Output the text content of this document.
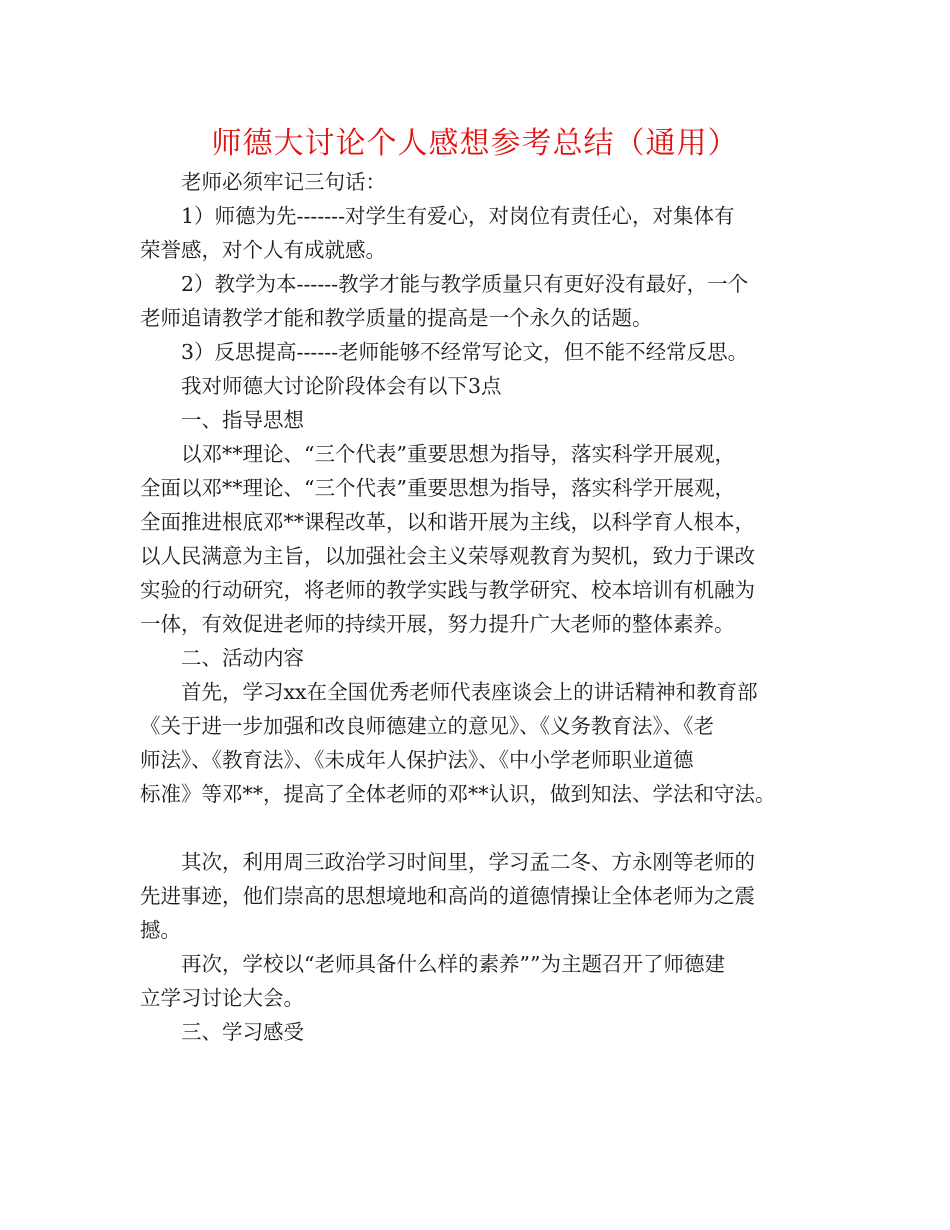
师德大讨论个人感想参考总结（通用）

老师必须牢记三句话：

1）师德为先-------对学生有爱心，对岗位有责任心，对集体有

荣誉感，对个人有成就感。

2）教学为本------教学才能与教学质量只有更好没有最好，一个

老师追请教学才能和教学质量的提高是一个永久的话题。

3）反思提高------老师能够不经常写论文，但不能不经常反思。

我对师德大讨论阶段体会有以下3点

一、指导思想

以邓**理论、“三个代表”重要思想为指导，落实科学开展观，

全面以邓**理论、“三个代表”重要思想为指导，落实科学开展观，

全面推进根底邓**课程改革，以和谐开展为主线，以科学育人根本，

以人民满意为主旨，以加强社会主义荣辱观教育为契机，致力于课改

实验的行动研究，将老师的教学实践与教学研究、校本培训有机融为

一体，有效促进老师的持续开展，努力提升广大老师的整体素养。

二、活动内容

首先，学习xx在全国优秀老师代表座谈会上的讲话精神和教育部

《关于进一步加强和改良师德建立的意见》、《义务教育法》、《老

师法》、《教育法》、《未成年人保护法》、《中小学老师职业道德

标准》等邓**，提高了全体老师的邓**认识，做到知法、学法和守法。

其次，利用周三政治学习时间里，学习孟二冬、方永刚等老师的

先进事迹，他们崇高的思想境地和高尚的道德情操让全体老师为之震

撼。

再次，学校以“老师具备什么样的素养””为主题召开了师德建

立学习讨论大会。

三、学习感受
